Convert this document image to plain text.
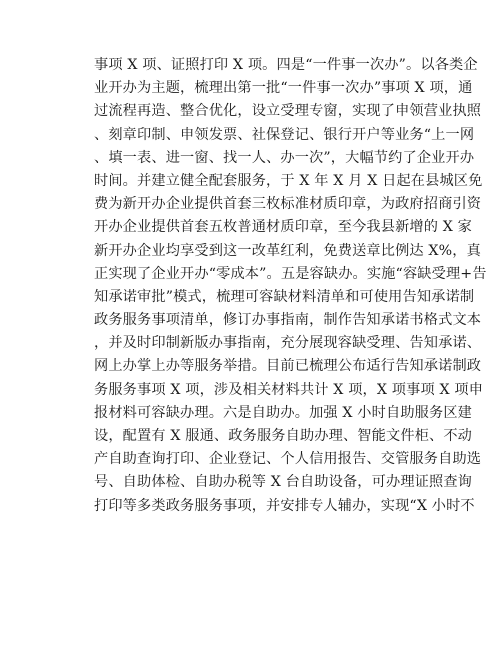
事项 X 项、证照打印 X 项。四是“一件事一次办”。以各类企
业开办为主题，梳理出第一批“一件事一次办”事项 X 项，通
过流程再造、整合优化，设立受理专窗，实现了申领营业执照
、刻章印制、申领发票、社保登记、银行开户等业务“上一网
、填一表、进一窗、找一人、办一次”，大幅节约了企业开办
时间。并建立健全配套服务，于 X 年 X 月 X 日起在县城区免
费为新开办企业提供首套三枚标准材质印章，为政府招商引资
开办企业提供首套五枚普通材质印章，至今我县新增的 X 家
新开办企业均享受到这一改革红利，免费送章比例达 X%，真
正实现了企业开办“零成本”。五是容缺办。实施“容缺受理+告
知承诺审批”模式，梳理可容缺材料清单和可使用告知承诺制
政务服务事项清单，修订办事指南，制作告知承诺书格式文本
，并及时印制新版办事指南，充分展现容缺受理、告知承诺、
网上办掌上办等服务举措。目前已梳理公布适行告知承诺制政
务服务事项 X 项，涉及相关材料共计 X 项，X 项事项 X 项申
报材料可容缺办理。六是自助办。加强 X 小时自助服务区建
设，配置有 X 服通、政务服务自助办理、智能文件柜、不动
产自助查询打印、企业登记、个人信用报告、交管服务自助选
号、自助体检、自助办税等 X 台自助设备，可办理证照查询
打印等多类政务服务事项，并安排专人辅办，实现“X 小时不
